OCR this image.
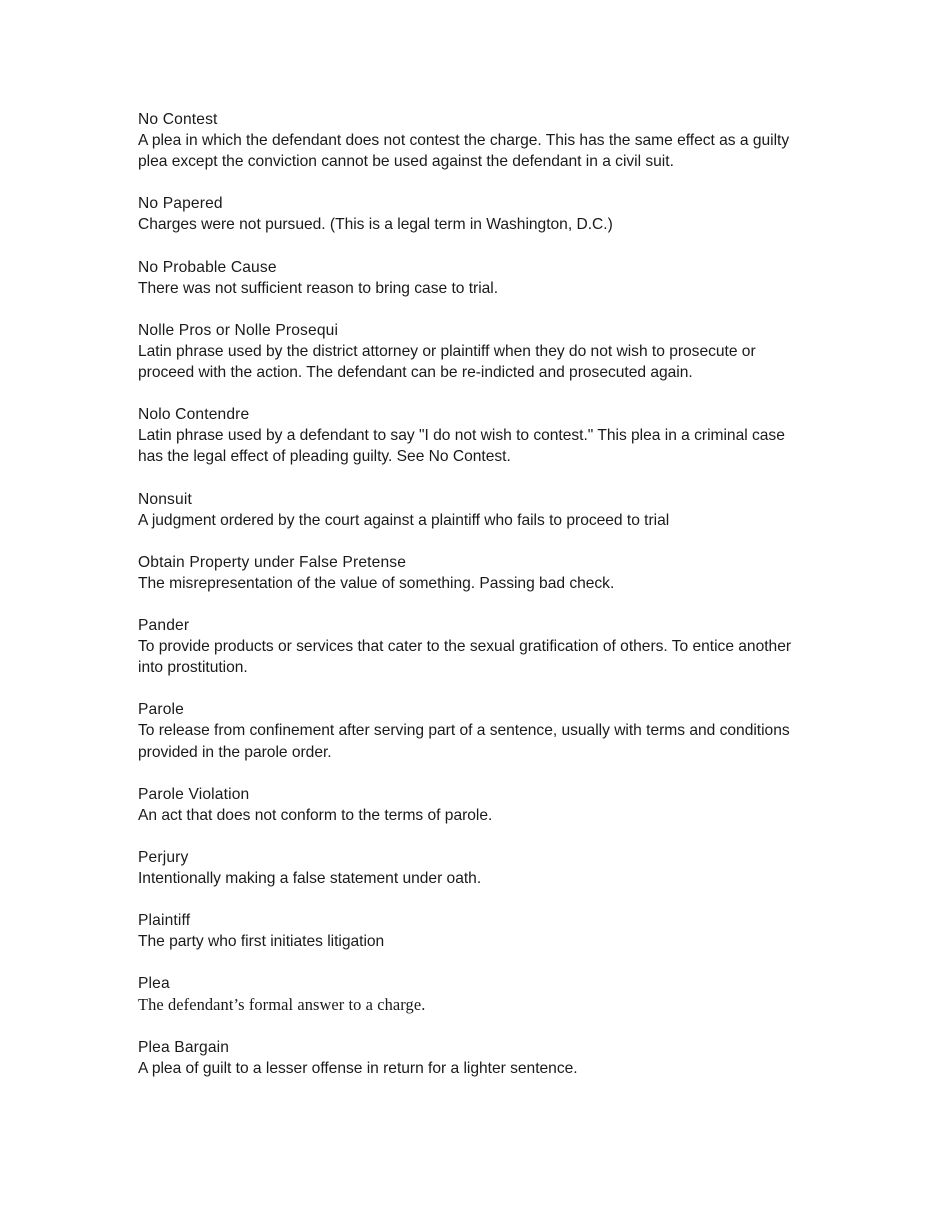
No Contest
A plea in which the defendant does not contest the charge. This has the same effect as a guilty plea except the conviction cannot be used against the defendant in a civil suit.
No Papered
Charges were not pursued. (This is a legal term in Washington, D.C.)
No Probable Cause
There was not sufficient reason to bring case to trial.
Nolle Pros or Nolle Prosequi
Latin phrase used by the district attorney or plaintiff when they do not wish to prosecute or proceed with the action. The defendant can be re-indicted and prosecuted again.
Nolo Contendre
Latin phrase used by a defendant to say "I do not wish to contest." This plea in a criminal case has the legal effect of pleading guilty. See No Contest.
Nonsuit
A judgment ordered by the court against a plaintiff who fails to proceed to trial
Obtain Property under False Pretense
The misrepresentation of the value of something. Passing bad check.
Pander
To provide products or services that cater to the sexual gratification of others. To entice another into prostitution.
Parole
To release from confinement after serving part of a sentence, usually with terms and conditions provided in the parole order.
Parole Violation
An act that does not conform to the terms of parole.
Perjury
Intentionally making a false statement under oath.
Plaintiff
The party who first initiates litigation
Plea
The defendant’s formal answer to a charge.
Plea Bargain
A plea of guilt to a lesser offense in return for a lighter sentence.
